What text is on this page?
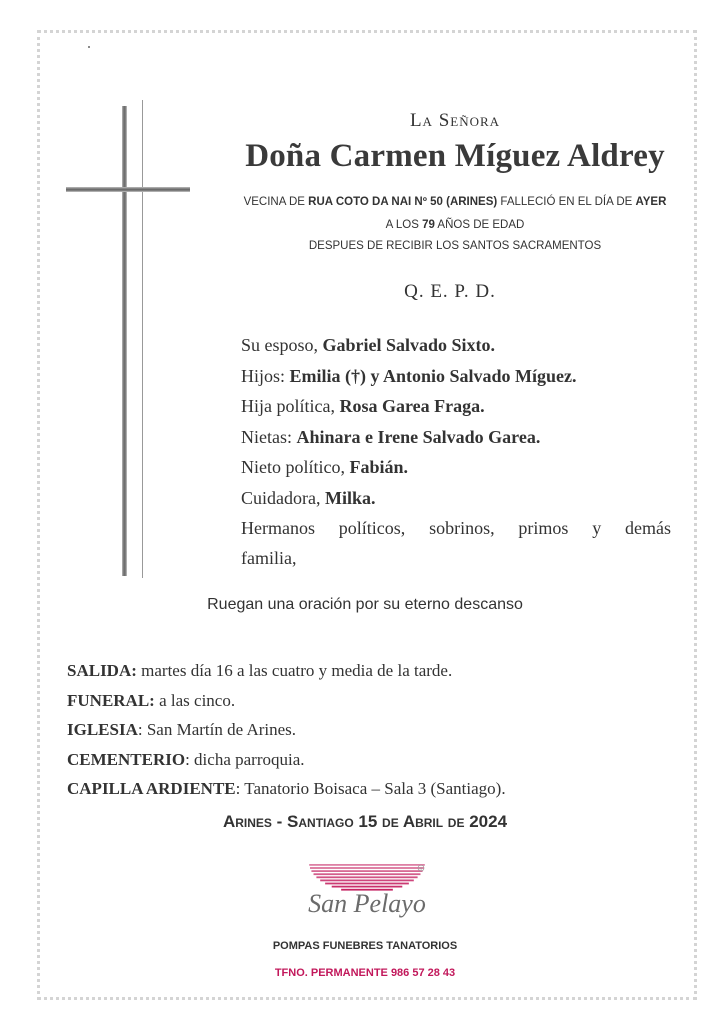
La Señora
Doña Carmen Míguez Aldrey
VECINA DE RUA COTO DA NAI Nº 50 (ARINES) FALLECIÓ EN EL DÍA DE AYER
A LOS 79 AÑOS DE EDAD
DESPUES DE RECIBIR LOS SANTOS SACRAMENTOS
Q. E. P. D.
Su esposo, Gabriel Salvado Sixto.
Hijos: Emilia (†) y Antonio Salvado Míguez.
Hija política, Rosa Garea Fraga.
Nietas: Ahinara e Irene Salvado Garea.
Nieto político, Fabián.
Cuidadora, Milka.
Hermanos políticos, sobrinos, primos y demás
familia,
Ruegan una oración por su eterno descanso
SALIDA: martes día 16 a las cuatro y media de la tarde.
FUNERAL: a las cinco.
IGLESIA: San Martín de Arines.
CEMENTERIO: dicha parroquia.
CAPILLA ARDIENTE: Tanatorio Boisaca – Sala 3 (Santiago).
Arines - Santiago 15 de Abril de 2024
R
San Pelayo
POMPAS FUNEBRES TANATORIOS
TFNO. PERMANENTE 986 57 28 43
